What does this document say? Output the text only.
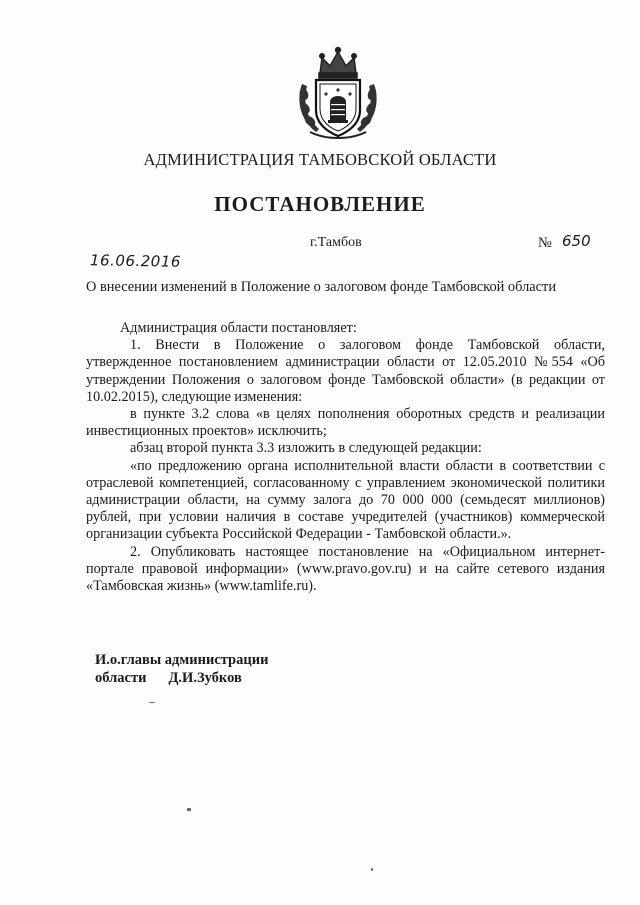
АДМИНИСТРАЦИЯ ТАМБОВСКОЙ ОБЛАСТИ
ПОСТАНОВЛЕНИЕ
г.Тамбов	№ 650
16.06.2016
О внесении изменений в Положение о залоговом фонде Тамбовской области

Администрация области постановляет:

1. Внести в Положение о залоговом фонде Тамбовской области, утвержденное постановлением администрации области от 12.05.2010 №554 «Об утверждении Положения о залоговом фонде Тамбовской области» (в редакции от 10.02.2015), следующие изменения:

в пункте 3.2 слова «в целях пополнения оборотных средств и реализации инвестиционных проектов» исключить;

абзац второй пункта 3.3 изложить в следующей редакции:

«по предложению органа исполнительной власти области в соответствии с отраслевой компетенцией, согласованному с управлением экономической политики администрации области, на сумму залога до 70 000 000 (семьдесят миллионов) рублей, при условии наличия в составе учредителей (участников) коммерческой организации субъекта Российской Федерации - Тамбовской области.».

2. Опубликовать настоящее постановление на «Официальном интернет-портале правовой информации» (www.pravo.gov.ru) и на сайте сетевого издания «Тамбовская жизнь» (www.tamlife.ru).

И.о.главы администрации
области Д.И.Зубков
